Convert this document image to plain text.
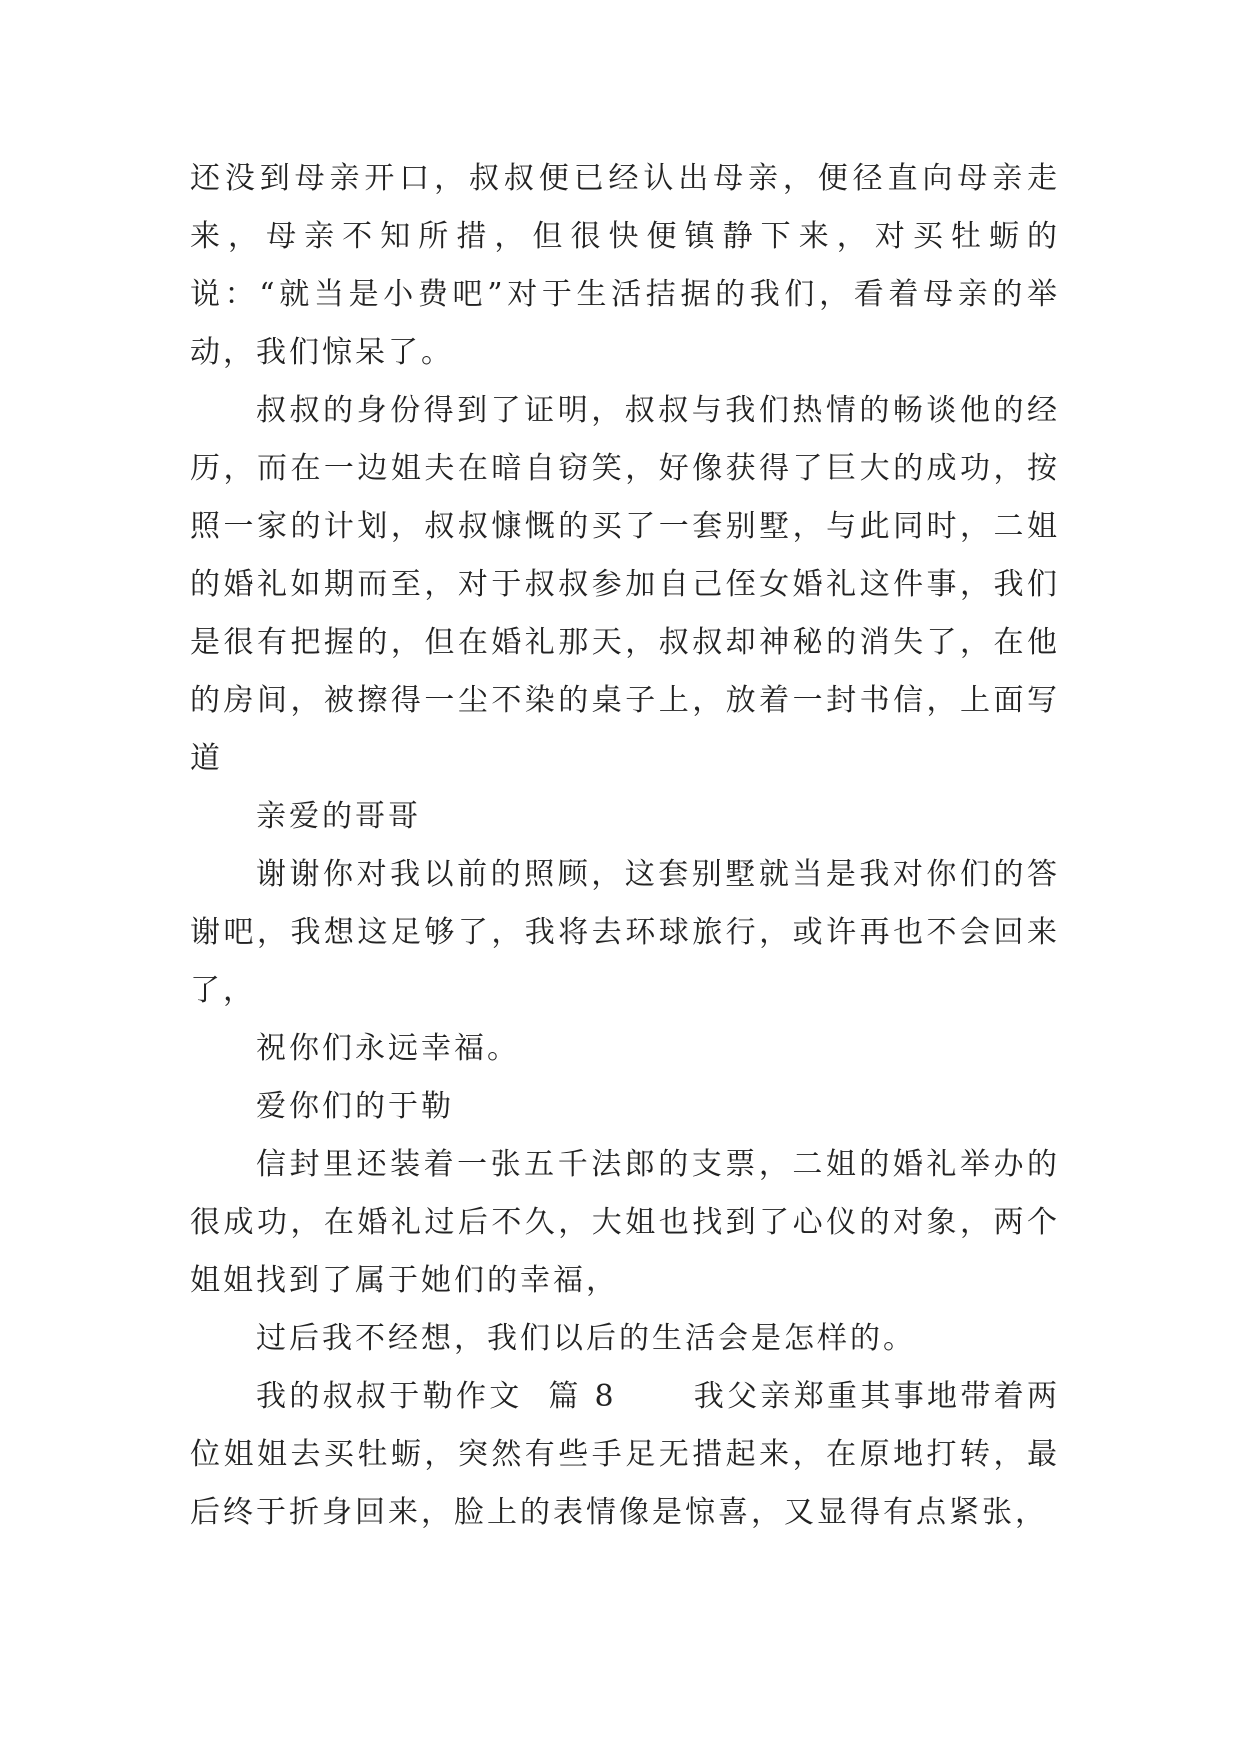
还没到母亲开口，叔叔便已经认出母亲，便径直向母亲走来，母亲不知所措，但很快便镇静下来，对买牡蛎的说：“就当是小费吧”对于生活拮据的我们，看着母亲的举动，我们惊呆了。

叔叔的身份得到了证明，叔叔与我们热情的畅谈他的经历，而在一边姐夫在暗自窃笑，好像获得了巨大的成功，按照一家的计划，叔叔慷慨的买了一套别墅，与此同时，二姐的婚礼如期而至，对于叔叔参加自己侄女婚礼这件事，我们是很有把握的，但在婚礼那天，叔叔却神秘的消失了，在他的房间，被擦得一尘不染的桌子上，放着一封书信，上面写道

亲爱的哥哥

谢谢你对我以前的照顾，这套别墅就当是我对你们的答谢吧，我想这足够了，我将去环球旅行，或许再也不会回来了，

祝你们永远幸福。

爱你们的于勒

信封里还装着一张五千法郎的支票，二姐的婚礼举办的很成功，在婚礼过后不久，大姐也找到了心仪的对象，两个姐姐找到了属于她们的幸福，

过后我不经想，我们以后的生活会是怎样的。

我的叔叔于勒作文  篇 8      我父亲郑重其事地带着两位姐姐去买牡蛎，突然有些手足无措起来，在原地打转，最后终于折身回来，脸上的表情像是惊喜，又显得有点紧张，
